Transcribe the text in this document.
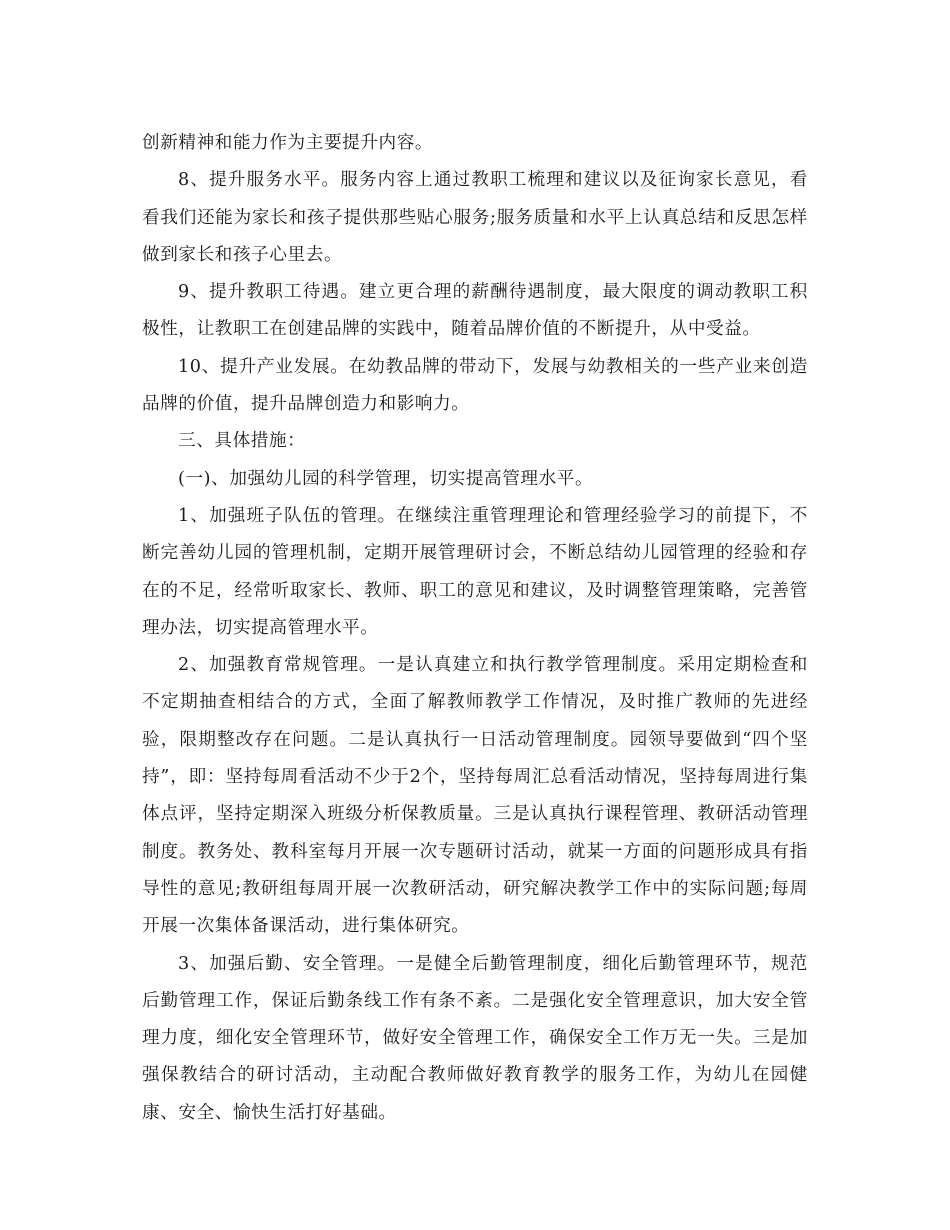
创新精神和能力作为主要提升内容。

8、提升服务水平。服务内容上通过教职工梳理和建议以及征询家长意见，看看我们还能为家长和孩子提供那些贴心服务;服务质量和水平上认真总结和反思怎样做到家长和孩子心里去。

9、提升教职工待遇。建立更合理的薪酬待遇制度，最大限度的调动教职工积极性，让教职工在创建品牌的实践中，随着品牌价值的不断提升，从中受益。

10、提升产业发展。在幼教品牌的带动下，发展与幼教相关的一些产业来创造品牌的价值，提升品牌创造力和影响力。

三、具体措施：

(一)、加强幼儿园的科学管理，切实提高管理水平。

1、加强班子队伍的管理。在继续注重管理理论和管理经验学习的前提下，不断完善幼儿园的管理机制，定期开展管理研讨会，不断总结幼儿园管理的经验和存在的不足，经常听取家长、教师、职工的意见和建议，及时调整管理策略，完善管理办法，切实提高管理水平。

2、加强教育常规管理。一是认真建立和执行教学管理制度。采用定期检查和不定期抽查相结合的方式，全面了解教师教学工作情况，及时推广教师的先进经验，限期整改存在问题。二是认真执行一日活动管理制度。园领导要做到“四个坚持”，即：坚持每周看活动不少于2个，坚持每周汇总看活动情况，坚持每周进行集体点评，坚持定期深入班级分析保教质量。三是认真执行课程管理、教研活动管理制度。教务处、教科室每月开展一次专题研讨活动，就某一方面的问题形成具有指导性的意见;教研组每周开展一次教研活动，研究解决教学工作中的实际问题;每周开展一次集体备课活动，进行集体研究。

3、加强后勤、安全管理。一是健全后勤管理制度，细化后勤管理环节，规范后勤管理工作，保证后勤条线工作有条不紊。二是强化安全管理意识，加大安全管理力度，细化安全管理环节，做好安全管理工作，确保安全工作万无一失。三是加强保教结合的研讨活动，主动配合教师做好教育教学的服务工作，为幼儿在园健康、安全、愉快生活打好基础。
